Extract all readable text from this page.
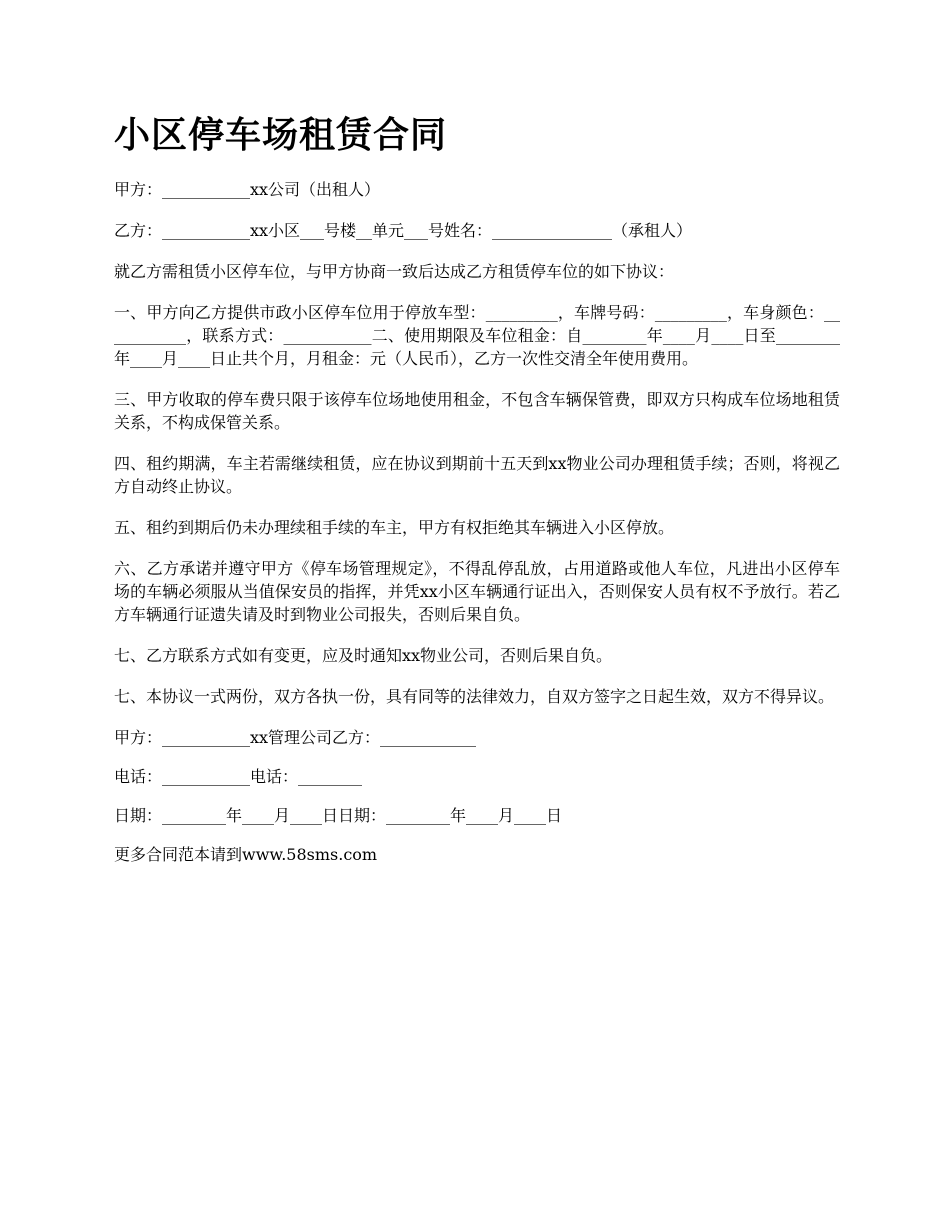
小区停车场租赁合同

甲方：___________xx公司（出租人）

乙方：___________xx小区___号楼__单元___号姓名：_______________（承租人）

就乙方需租赁小区停车位，与甲方协商一致后达成乙方租赁停车位的如下协议：

一、甲方向乙方提供市政小区停车位用于停放车型：_________，车牌号码：_________，车身颜色：___________，联系方式：___________二、使用期限及车位租金：自________年____月____日至________年____月____日止共个月，月租金：元（人民币），乙方一次性交清全年使用费用。

三、甲方收取的停车费只限于该停车位场地使用租金，不包含车辆保管费，即双方只构成车位场地租赁关系，不构成保管关系。

四、租约期满，车主若需继续租赁，应在协议到期前十五天到xx物业公司办理租赁手续；否则，将视乙方自动终止协议。

五、租约到期后仍未办理续租手续的车主，甲方有权拒绝其车辆进入小区停放。

六、乙方承诺并遵守甲方《停车场管理规定》，不得乱停乱放，占用道路或他人车位，凡进出小区停车场的车辆必须服从当值保安员的指挥，并凭xx小区车辆通行证出入，否则保安人员有权不予放行。若乙方车辆通行证遗失请及时到物业公司报失，否则后果自负。

七、乙方联系方式如有变更，应及时通知xx物业公司，否则后果自负。

七、本协议一式两份，双方各执一份，具有同等的法律效力，自双方签字之日起生效，双方不得异议。

甲方：___________xx管理公司乙方：____________

电话：___________电话：________

日期：________年____月____日日期：________年____月____日

更多合同范本请到www.58sms.com
